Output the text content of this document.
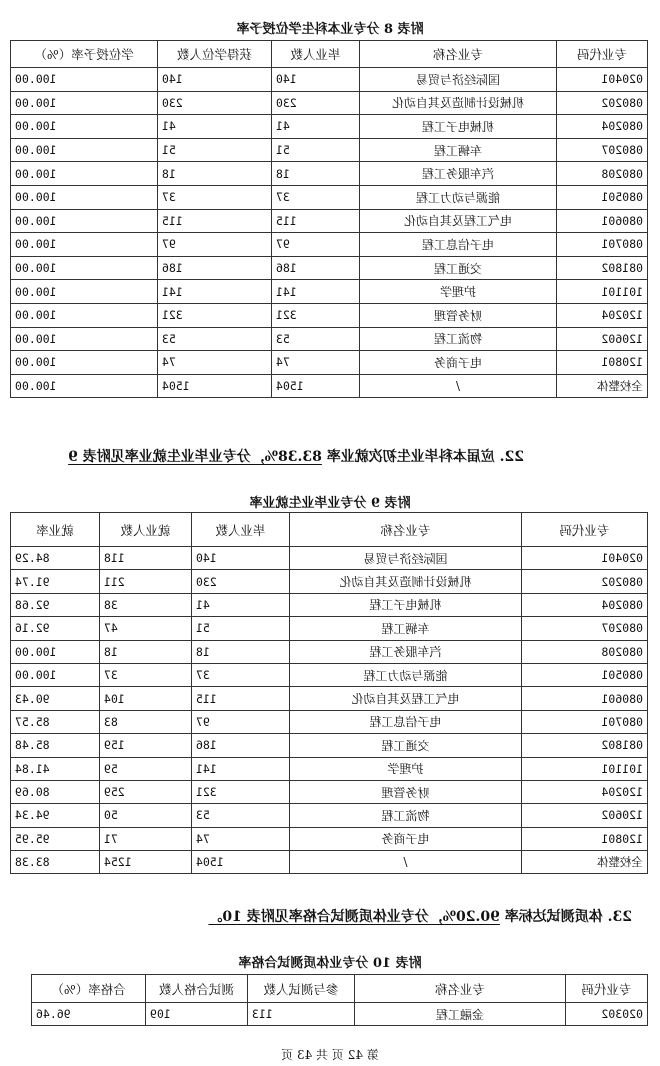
附表 8 分专业本科生学位授予率
专业代码	专业名称	毕业人数	获得学位人数	学位授予率（%）
020401	国际经济与贸易	140	140	100.00
080202	机械设计制造及其自动化	230	230	100.00
080204	机械电子工程	41	41	100.00
080207	车辆工程	51	51	100.00
080208	汽车服务工程	18	18	100.00
080501	能源与动力工程	37	37	100.00
080601	电气工程及其自动化	115	115	100.00
080701	电子信息工程	97	97	100.00
081802	交通工程	186	186	100.00
101101	护理学	141	141	100.00
120204	财务管理	321	321	100.00
120602	物流工程	53	53	100.00
120801	电子商务	74	74	100.00
全校整体	/	1504	1504	100.00
22. 应届本科毕业生初次就业率 83.38%，分专业毕业生就业率见附表 9
附表 9 分专业毕业生就业率
专业代码	专业名称	毕业人数	就业人数	就业率
020401	国际经济与贸易	140	118	84.29
080202	机械设计制造及其自动化	230	211	91.74
080204	机械电子工程	41	38	92.68
080207	车辆工程	51	47	92.16
080208	汽车服务工程	18	18	100.00
080501	能源与动力工程	37	37	100.00
080601	电气工程及其自动化	115	104	90.43
080701	电子信息工程	97	83	85.57
081802	交通工程	186	159	85.48
101101	护理学	141	59	41.84
120204	财务管理	321	259	80.69
120602	物流工程	53	50	94.34
120801	电子商务	74	71	95.95
全校整体	/	1504	1254	83.38
23. 体质测试达标率 90.20%，分专业体质测试合格率见附表 10。
附表 10 分专业体质测试合格率
专业代码	专业名称	参与测试人数	测试合格人数	合格率（%）
020302	金融工程	113	109	96.46
第 42 页 共 43 页
